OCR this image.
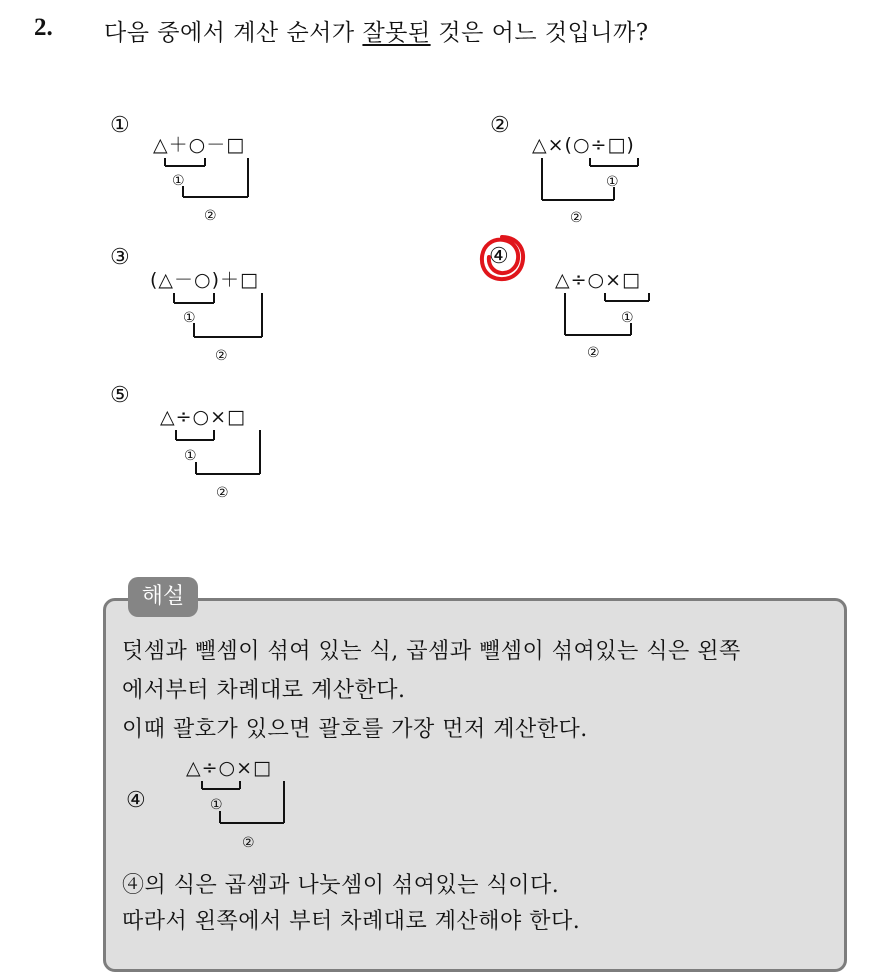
2. 다음 중에서 계산 순서가 잘못된 것은 어느 것입니까?
①
△＋○－□
①
②
②
△×(○÷□)
①
②
③
(△－○)＋□
①
②
④
△÷○×□
①
②
⑤
△÷○×□
①
②
해설
덧셈과 뺄셈이 섞여 있는 식, 곱셈과 뺄셈이 섞여있는 식은 왼쪽
에서부터 차례대로 계산한다.
이때 괄호가 있으면 괄호를 가장 먼저 계산한다.
④
△÷○×□
①
②
④의 식은 곱셈과 나눗셈이 섞여있는 식이다.
따라서 왼쪽에서 부터 차례대로 계산해야 한다.
